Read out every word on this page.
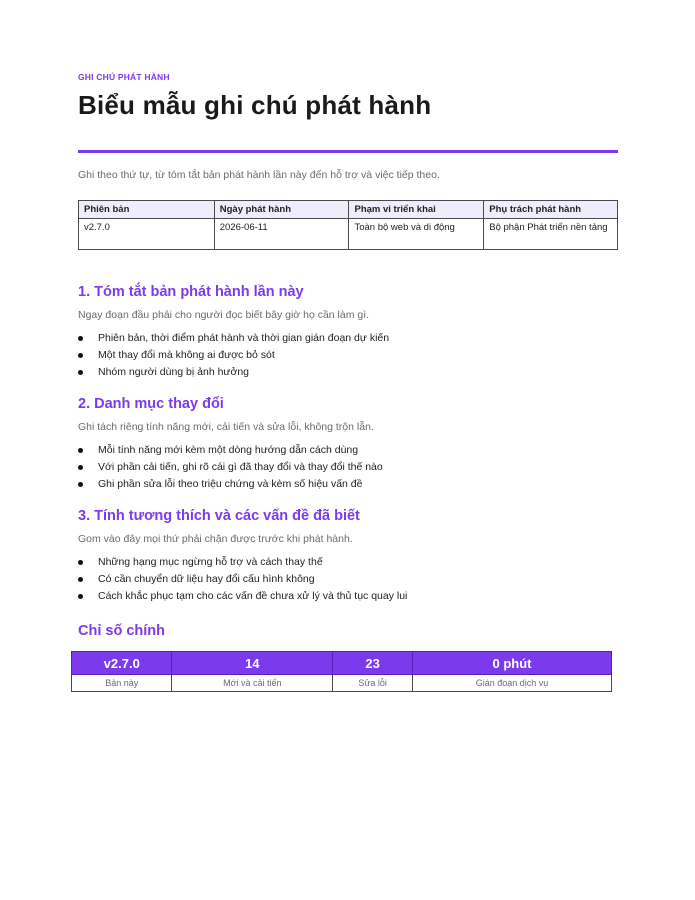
GHI CHÚ PHÁT HÀNH
Biểu mẫu ghi chú phát hành

Ghi theo thứ tự, từ tóm tắt bản phát hành lần này đến hỗ trợ và việc tiếp theo.

Phiên bản	Ngày phát hành	Phạm vi triển khai	Phụ trách phát hành
v2.7.0	2026-06-11	Toàn bộ web và di động	Bộ phận Phát triển nền tảng
1. Tóm tắt bản phát hành lần này

Ngay đoạn đầu phải cho người đọc biết bây giờ họ cần làm gì.

Phiên bản, thời điểm phát hành và thời gian gián đoạn dự kiến
Một thay đổi mà không ai được bỏ sót
Nhóm người dùng bị ảnh hưởng
2. Danh mục thay đổi

Ghi tách riêng tính năng mới, cải tiến và sửa lỗi, không trộn lẫn.

Mỗi tính năng mới kèm một dòng hướng dẫn cách dùng
Với phần cải tiến, ghi rõ cái gì đã thay đổi và thay đổi thế nào
Ghi phần sửa lỗi theo triệu chứng và kèm số hiệu vấn đề
3. Tính tương thích và các vấn đề đã biết

Gom vào đây mọi thứ phải chặn được trước khi phát hành.

Những hạng mục ngừng hỗ trợ và cách thay thế
Có cần chuyển dữ liệu hay đổi cấu hình không
Cách khắc phục tạm cho các vấn đề chưa xử lý và thủ tục quay lui
Chỉ số chính
v2.7.0	14	23	0 phút
Bản này	Mới và cải tiến	Sửa lỗi	Gián đoạn dịch vụ
